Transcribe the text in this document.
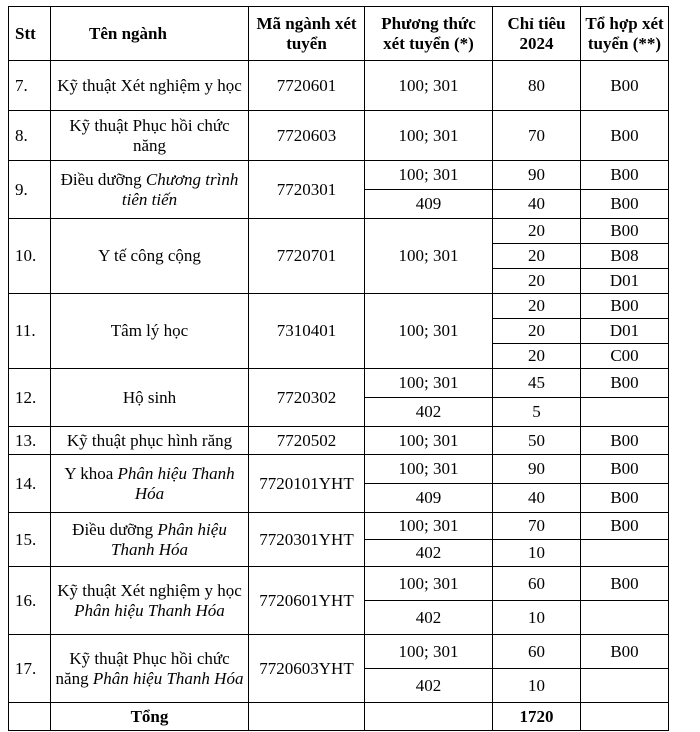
Stt	Tên ngành	Mã ngành xét tuyển	Phương thức xét tuyển (*)	Chỉ tiêu 2024	Tổ hợp xét tuyển (**)
7.	Kỹ thuật Xét nghiệm y học	7720601	100; 301	80	B00
8.	Kỹ thuật Phục hồi chức năng	7720603	100; 301	70	B00
9.	Điều dưỡng Chương trình tiên tiến	7720301	100; 301	90	B00
			409	40	B00
10.	Y tế công cộng	7720701	100; 301	20	B00
				20	B08
				20	D01
11.	Tâm lý học	7310401	100; 301	20	B00
				20	D01
				20	C00
12.	Hộ sinh	7720302	100; 301	45	B00
			402	5	
13.	Kỹ thuật phục hình răng	7720502	100; 301	50	B00
14.	Y khoa Phân hiệu Thanh Hóa	7720101YHT	100; 301	90	B00
			409	40	B00
15.	Điều dưỡng Phân hiệu Thanh Hóa	7720301YHT	100; 301	70	B00
			402	10	
16.	Kỹ thuật Xét nghiệm y học Phân hiệu Thanh Hóa	7720601YHT	100; 301	60	B00
			402	10	
17.	Kỹ thuật Phục hồi chức năng Phân hiệu Thanh Hóa	7720603YHT	100; 301	60	B00
			402	10	
	Tổng			1720	
